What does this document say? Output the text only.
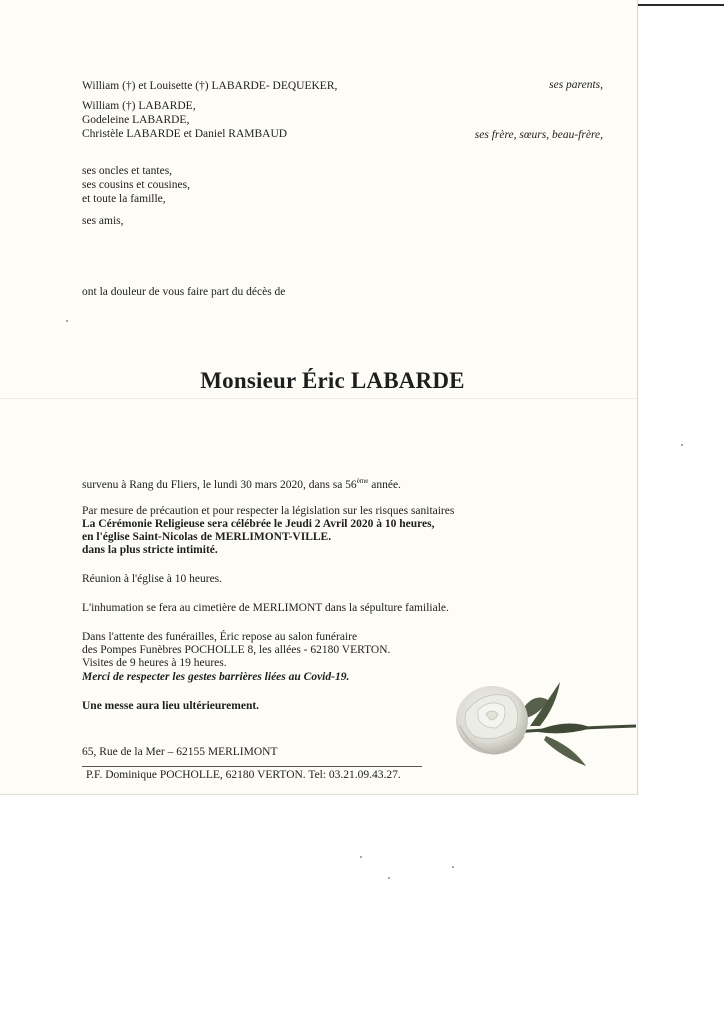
William (†) et Louisette (†) LABARDE- DEQUEKER,	ses parents,
William (†) LABARDE,
Godeleine LABARDE,
Christèle LABARDE et Daniel RAMBAUD	ses frère, sœurs, beau-frère,
ses oncles et tantes,
ses cousins et cousines,
et toute la famille,
ses amis,
ont la douleur de vous faire part du décès de
Monsieur Éric LABARDE
survenu à Rang du Fliers, le lundi 30 mars 2020, dans sa 56ème année.
Par mesure de précaution et pour respecter la législation sur les risques sanitaires
La Cérémonie Religieuse sera célébrée le Jeudi 2 Avril 2020 à 10 heures,
en l'église Saint-Nicolas de MERLIMONT-VILLE.
dans la plus stricte intimité.
Réunion à l'église à 10 heures.
L'inhumation se fera au cimetière de MERLIMONT dans la sépulture familiale.
Dans l'attente des funérailles, Éric repose au salon funéraire
des Pompes Funèbres POCHOLLE 8, les allées - 62180 VERTON.
Visites de 9 heures à 19 heures.
Merci de respecter les gestes barrières liées au Covid-19.
Une messe aura lieu ultérieurement.
65, Rue de la Mer – 62155 MERLIMONT
P.F. Dominique POCHOLLE, 62180 VERTON. Tel: 03.21.09.43.27.
